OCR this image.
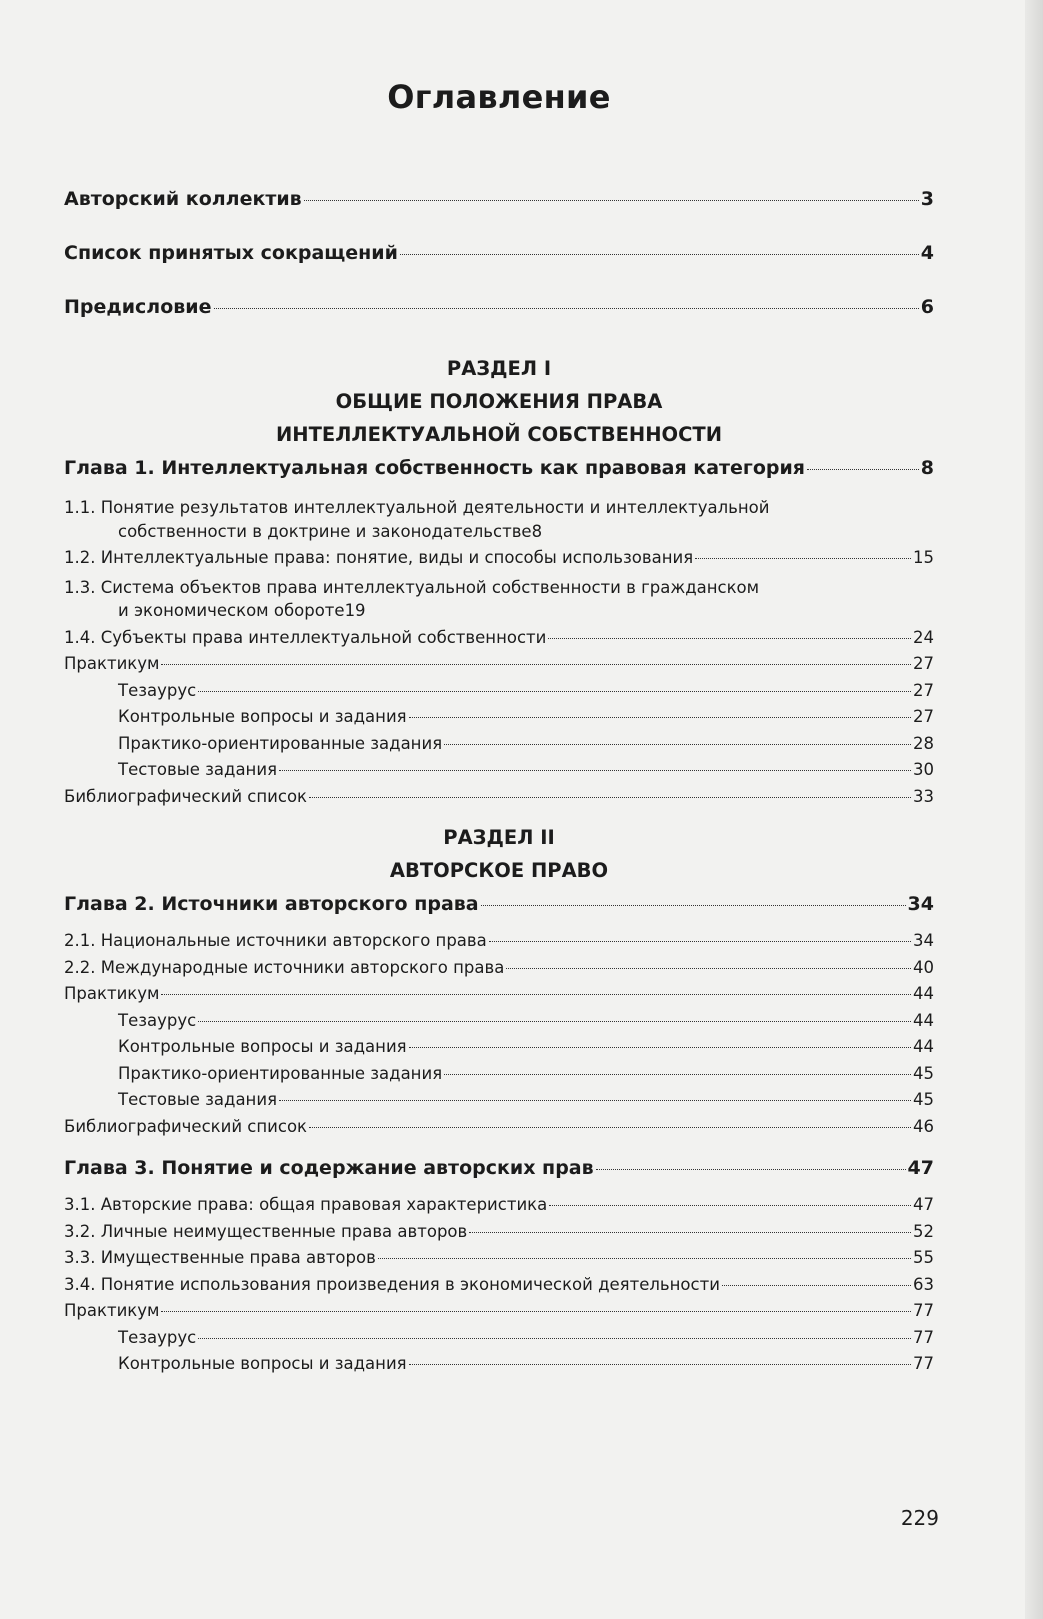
Оглавление
Авторский коллектив	3
Список принятых сокращений	4
Предисловие	6
РАЗДЕЛ I
ОБЩИЕ ПОЛОЖЕНИЯ ПРАВА
ИНТЕЛЛЕКТУАЛЬНОЙ СОБСТВЕННОСТИ
Глава 1. Интеллектуальная собственность как правовая категория	8
1.1. Понятие результатов интеллектуальной деятельности и интеллектуальной
собственности в доктрине и законодательстве 8
1.2. Интеллектуальные права: понятие, виды и способы использования	15
1.3. Система объектов права интеллектуальной собственности в гражданском
и экономическом обороте 19
1.4. Субъекты права интеллектуальной собственности	24
Практикум	27
Тезаурус	27
Контрольные вопросы и задания	27
Практико-ориентированные задания	28
Тестовые задания	30
Библиографический список	33
РАЗДЕЛ II
АВТОРСКОЕ ПРАВО
Глава 2. Источники авторского права	34
2.1. Национальные источники авторского права	34
2.2. Международные источники авторского права	40
Практикум	44
Тезаурус	44
Контрольные вопросы и задания	44
Практико-ориентированные задания	45
Тестовые задания	45
Библиографический список	46
Глава 3. Понятие и содержание авторских прав	47
3.1. Авторские права: общая правовая характеристика	47
3.2. Личные неимущественные права авторов	52
3.3. Имущественные права авторов	55
3.4. Понятие использования произведения в экономической деятельности	63
Практикум	77
Тезаурус	77
Контрольные вопросы и задания	77
229
